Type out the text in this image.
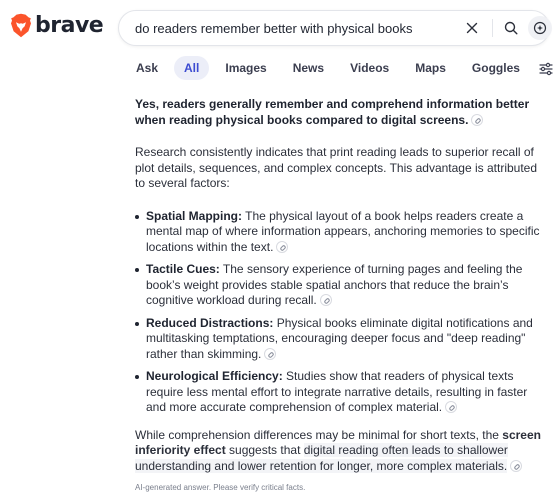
brave
do readers remember better with physical books
Ask	All	Images	News	Videos	Maps	Goggles

Yes, readers generally remember and comprehend information better when reading physical books compared to digital screens.

Research consistently indicates that print reading leads to superior recall of plot details, sequences, and complex concepts. This advantage is attributed to several factors:

Spatial Mapping: The physical layout of a book helps readers create a mental map of where information appears, anchoring memories to specific locations within the text.
Tactile Cues: The sensory experience of turning pages and feeling the book’s weight provides stable spatial anchors that reduce the brain’s cognitive workload during recall.
Reduced Distractions: Physical books eliminate digital notifications and multitasking temptations, encouraging deeper focus and "deep reading" rather than skimming.
Neurological Efficiency: Studies show that readers of physical texts require less mental effort to integrate narrative details, resulting in faster and more accurate comprehension of complex material.

While comprehension differences may be minimal for short texts, the screen inferiority effect suggests that digital reading often leads to shallower understanding and lower retention for longer, more complex materials.

AI-generated answer. Please verify critical facts.
